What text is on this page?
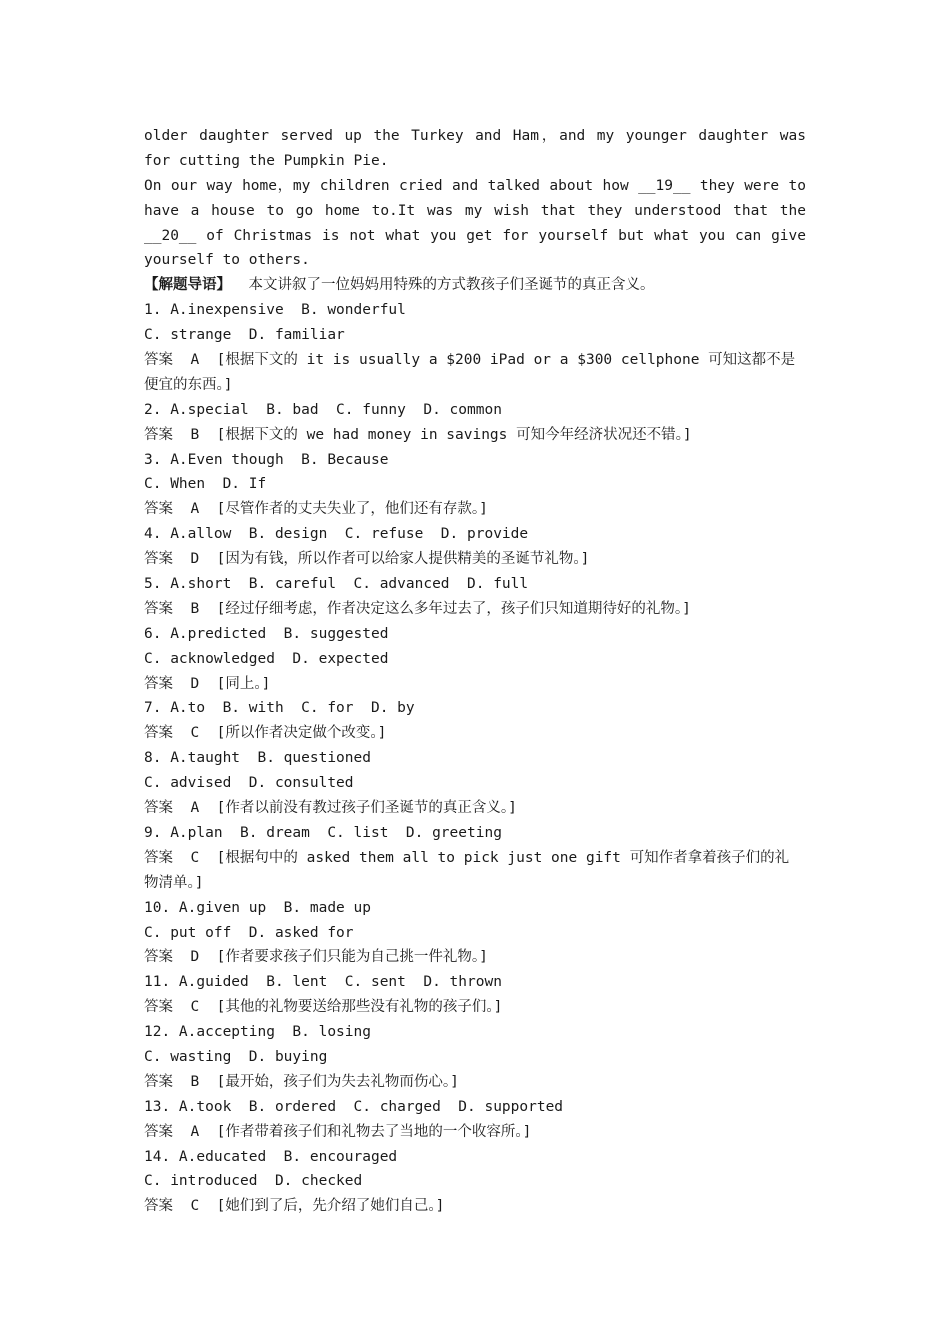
older daughter served up the Turkey and Ham，and my younger daughter was
for cutting the Pumpkin Pie.
On our way home，my children cried and talked about how __19__ they were to
have a house to go home to.It was my wish that they understood that the
__20__ of Christmas is not what you get for yourself but what you can give
yourself to others.
【解题导语】  本文讲叙了一位妈妈用特殊的方式教孩子们圣诞节的真正含义。
1. A.inexpensive  B. wonderful
C. strange  D. familiar
答案  A  [根据下文的 it is usually a $200 iPad or a $300 cellphone 可知这都不是
便宜的东西。]
2. A.special  B. bad  C. funny  D. common
答案  B  [根据下文的 we had money in savings 可知今年经济状况还不错。]
3. A.Even though  B. Because
C. When  D. If
答案  A  [尽管作者的丈夫失业了，他们还有存款。]
4. A.allow  B. design  C. refuse  D. provide
答案  D  [因为有钱，所以作者可以给家人提供精美的圣诞节礼物。]
5. A.short  B. careful  C. advanced  D. full
答案  B  [经过仔细考虑，作者决定这么多年过去了，孩子们只知道期待好的礼物。]
6. A.predicted  B. suggested
C. acknowledged  D. expected
答案  D  [同上。]
7. A.to  B. with  C. for  D. by
答案  C  [所以作者决定做个改变。]
8. A.taught  B. questioned
C. advised  D. consulted
答案  A  [作者以前没有教过孩子们圣诞节的真正含义。]
9. A.plan  B. dream  C. list  D. greeting
答案  C  [根据句中的 asked them all to pick just one gift 可知作者拿着孩子们的礼
物清单。]
10. A.given up  B. made up
C. put off  D. asked for
答案  D  [作者要求孩子们只能为自己挑一件礼物。]
11. A.guided  B. lent  C. sent  D. thrown
答案  C  [其他的礼物要送给那些没有礼物的孩子们。]
12. A.accepting  B. losing
C. wasting  D. buying
答案  B  [最开始，孩子们为失去礼物而伤心。]
13. A.took  B. ordered  C. charged  D. supported
答案  A  [作者带着孩子们和礼物去了当地的一个收容所。]
14. A.educated  B. encouraged
C. introduced  D. checked
答案  C  [她们到了后，先介绍了她们自己。]
